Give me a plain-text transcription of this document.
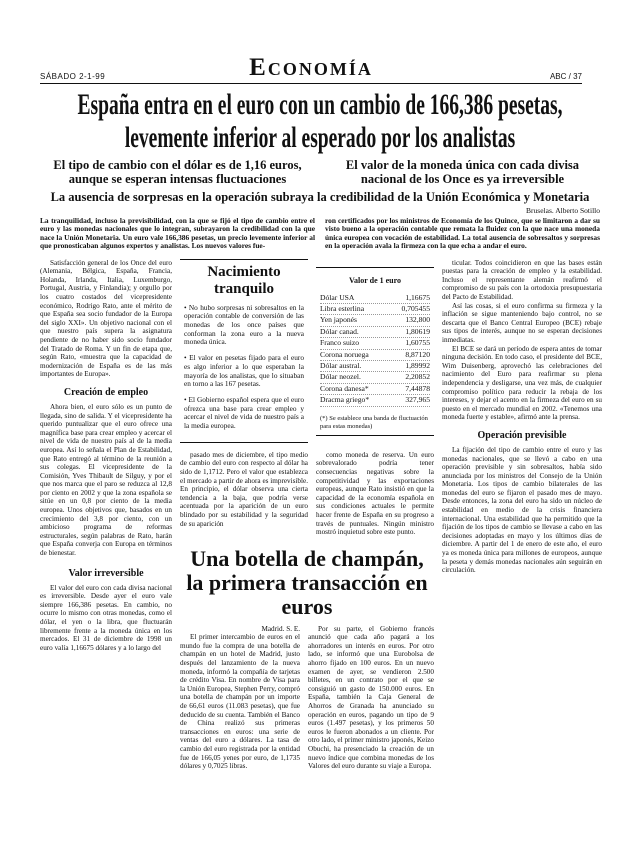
SÁBADO 2-1-99	Economía	ABC / 37
España entra en el euro con un cambio de 166,386 pesetas, levemente inferior al esperado por los analistas
El tipo de cambio con el dólar es de 1,16 euros, aunque se esperan intensas fluctuaciones
El valor de la moneda única con cada divisa nacional de los Once es ya irreversible
La ausencia de sorpresas en la operación subraya la credibilidad de la Unión Económica y Monetaria
Bruselas. Alberto Sotillo
La tranquilidad, incluso la previsibilidad, con la que se fijó el tipo de cambio entre el euro y las monedas nacionales que lo integran, subrayaron la credibilidad con la que nace la Unión Monetaria. Un euro vale 166,386 pesetas, un precio levemente inferior al que pronosticaban algunos expertos y analistas. Los nuevos valores fue-
ron certificados por los ministros de Economía de los Quince, que se limitaron a dar su visto bueno a la operación contable que remata la fluidez con la que nace una moneda única europea con vocación de estabilidad. La total ausencia de sobresaltos y sorpresas en la operación avala la firmeza con la que echa a andar el euro.

Satisfacción general de los Once del euro (Alemania, Bélgica, España, Francia, Holanda, Irlanda, Italia, Luxemburgo, Portugal, Austria, y Finlandia); y orgullo por los cuatro costados del vicepresidente económico, Rodrigo Rato, ante el mérito de que España sea socio fundador de la Europa del siglo XXI». Un objetivo nacional con el que nuestro país supera la asignatura pendiente de no haber sido socio fundador del Tratado de Roma. Y un fin de etapa que, según Rato, «muestra que la capacidad de modernización de España es de las más importantes de Europa».

Creación de empleo

Ahora bien, el euro sólo es un punto de llegada, sino de salida. Y el vicepresidente ha querido puntualizar que el euro ofrece una magnífica base para crear empleo y acercar el nivel de vida de nuestro país al de la media europea. Así lo señala el Plan de Estabilidad, que Rato entregó al término de la reunión a sus colegas. El vicepresidente de la Comisión, Yves Thibault de Silguy, y por el que nos marca que el paro se reduzca al 12,8 por ciento en 2002 y que la zona española se sitúe en un 0,8 por ciento de la media europea. Unos objetivos que, basados en un crecimiento del 3,8 por ciento, con un ambicioso programa de reformas estructurales, según palabras de Rato, harán que España converja con Europa en términos de bienestar.

Valor irreversible

El valor del euro con cada divisa nacional es irreversible. Desde ayer el euro vale siempre 166,386 pesetas. En cambio, no ocurre lo mismo con otras monedas, como el dólar, el yen o la libra, que fluctuarán libremente frente a la moneda única en los mercados. El 31 de diciembre de 1998 un euro valía 1,16675 dólares y a lo largo del

Nacimiento tranquilo
• No hubo sorpresas ni sobresaltos en la operación contable de conversión de las monedas de los once países que conforman la zona euro a la nueva moneda única.
• El valor en pesetas fijado para el euro es algo inferior a lo que esperaban la mayoría de los analistas, que lo situaban en torno a las 167 pesetas.
• El Gobierno español espera que el euro ofrezca una base para crear empleo y acercar el nivel de vida de nuestro país a la media europea.
Valor de 1 euro
Dólar USA	1,16675
Libra esterlina	0,705455
Yen japonés	132,800
Dólar canad.	1,80619
Franco suizo	1,60755
Corona noruega	8,87120
Dólar austral.	1,89992
Dólar neozel.	2,20852
Corona danesa*	7,44878
Dracma griego*	327,965
(*) Se establece una banda de fluctuación para estas monedas)
pasado mes de diciembre, el tipo medio de cambio del euro con respecto al dólar ha sido de 1,1712. Pero el valor que establezca el mercado a partir de ahora es imprevisible. En principio, el dólar observa una cierta tendencia a la baja, que podría verse acentuada por la aparición de un euro blindado por su estabilidad y la seguridad de su aparición
como moneda de reserva. Un euro sobrevalorado podría tener consecuencias negativas sobre la competitividad y las exportaciones europeas, aunque Rato insistió en que la capacidad de la economía española en sus condiciones actuales le permite hacer frente de España en su progreso a través de puntuales. Ningún ministro mostró inquietud sobre este punto.
Una botella de champán, la primera transacción en euros
Madrid. S. E.

El primer intercambio de euros en el mundo fue la compra de una botella de champán en un hotel de Madrid, justo después del lanzamiento de la nueva moneda, informó la compañía de tarjetas de crédito Visa. En nombre de Visa para la Unión Europea, Stephen Perry, compró una botella de champán por un importe de 66,61 euros (11.083 pesetas), que fue deducido de su cuenta. También el Banco de China realizó sus primeras transacciones en euros: una serie de ventas del euro a dólares. La tasa de cambio del euro registrada por la entidad fue de 166,05 yenes por euro, de 1,1735 dólares y 0,7025 libras.

Por su parte, el Gobierno francés anunció que cada año pagará a los ahorradores un interés en euros. Por otro lado, se informó que una Eurobolsa de ahorro fijado en 100 euros. En un nuevo examen de ayer, se vendieron 2.500 billetes, en un contrato por el que se consiguió un gasto de 150.000 euros. En España, también la Caja General de Ahorros de Granada ha anunciado su operación en euros, pagando un tipo de 9 euros (1.497 pesetas), y los primeros 50 euros le fueron abonados a un cliente. Por otro lado, el primer ministro japonés, Keizo Obuchi, ha presenciado la creación de un nuevo índice que combina monedas de los Valores del euro durante su viaje a Europa.

ticular. Todos coincidieron en que las bases están puestas para la creación de empleo y la estabilidad. Incluso el representante alemán reafirmó el compromiso de su país con la ortodoxia presupuestaria del Pacto de Estabilidad.

Así las cosas, si el euro confirma su firmeza y la inflación se sigue manteniendo bajo control, no se descarta que el Banco Central Europeo (BCE) rebaje sus tipos de interés, aunque no se esperan decisiones inmediatas.

El BCE se dará un período de espera antes de tomar ninguna decisión. En todo caso, el presidente del BCE, Wim Duisenberg, aprovechó las celebraciones del nacimiento del Euro para reafirmar su plena independencia y desligarse, una vez más, de cualquier compromiso político para reducir la rebaja de los intereses, y dejar el acento en la firmeza del euro en su puesto en el mercado mundial en 2002. «Tenemos una moneda fuerte y estable», afirmó ante la prensa.

Operación previsible

La fijación del tipo de cambio entre el euro y las monedas nacionales, que se llevó a cabo en una operación previsible y sin sobresaltos, había sido anunciada por los ministros del Consejo de la Unión Monetaria. Los tipos de cambio bilaterales de las monedas del euro se fijaron el pasado mes de mayo. Desde entonces, la zona del euro ha sido un núcleo de estabilidad en medio de la crisis financiera internacional. Una estabilidad que ha permitido que la fijación de los tipos de cambio se llevase a cabo en las decisiones adoptadas en mayo y los últimos días de diciembre. A partir del 1 de enero de este año, el euro ya es moneda única para millones de europeos, aunque la peseta y demás monedas nacionales aún seguirán en circulación.
